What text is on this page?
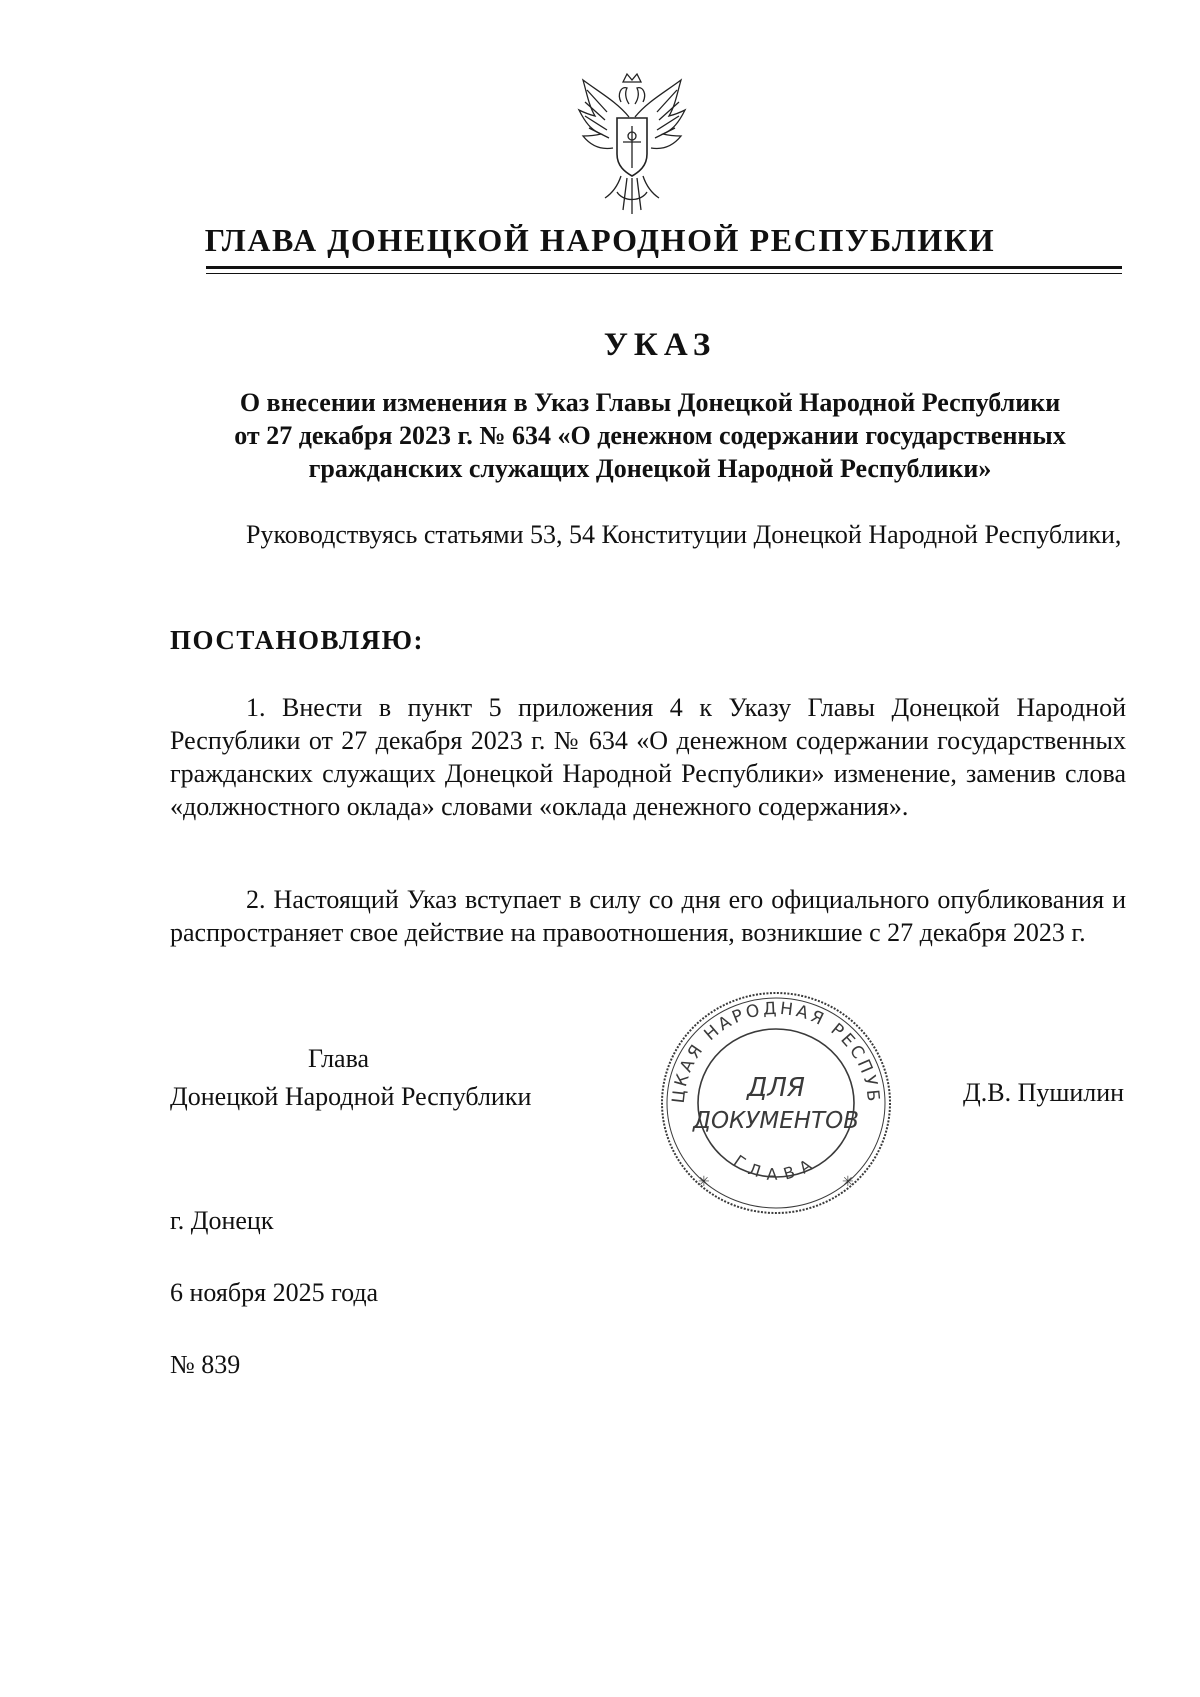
ГЛАВА ДОНЕЦКОЙ НАРОДНОЙ РЕСПУБЛИКИ
УКАЗ
О внесении изменения в Указ Главы Донецкой Народной Республики
от 27 декабря 2023 г. № 634 «О денежном содержании государственных
гражданских служащих Донецкой Народной Республики»
Руководствуясь статьями 53, 54 Конституции Донецкой Народной Республики,
ПОСТАНОВЛЯЮ:
1. Внести в пункт 5 приложения 4 к Указу Главы Донецкой Народной Республики от 27 декабря 2023 г. № 634 «О денежном содержании государственных гражданских служащих Донецкой Народной Республики» изменение, заменив слова «должностного оклада» словами «оклада денежного содержания».
2. Настоящий Указ вступает в силу со дня его официального опубликования и распространяет свое действие на правоотношения, возникшие с 27 декабря 2023 г.
Глава
Донецкой Народной Республики	ЦКАЯ НАРОДНАЯ РЕСПУБ
ГЛАВА
ДЛЯ
ДОКУМЕНТОВ
✳	✳
Д.В. Пушилин
г. Донецк
6 ноября 2025 года
№ 839
